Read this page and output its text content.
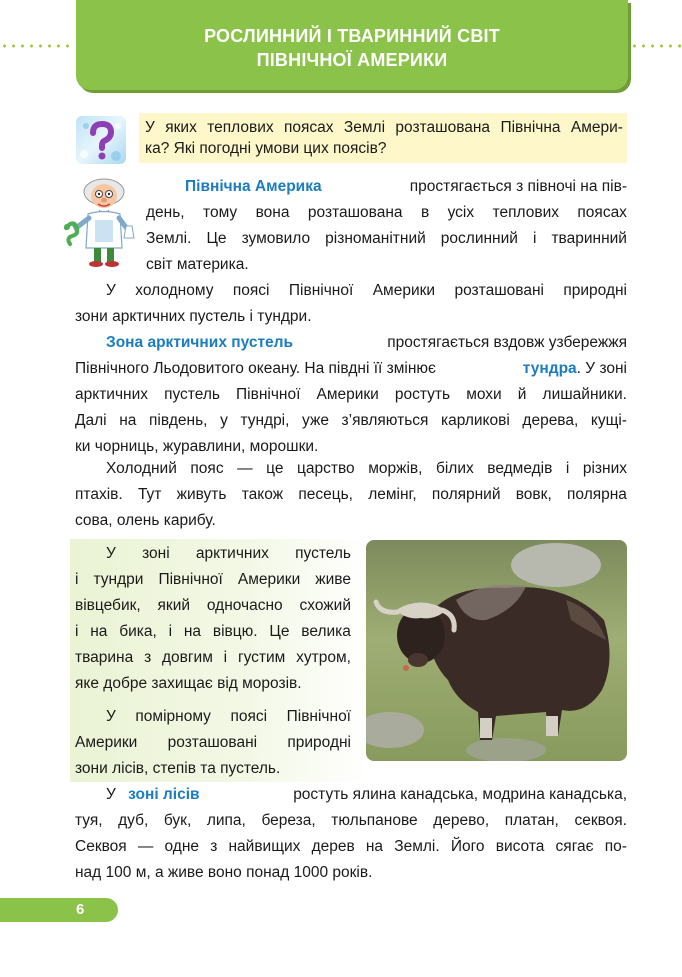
РОСЛИННИЙ І ТВАРИННИЙ СВІТ
ПІВНІЧНОЇ АМЕРИКИ
У яких теплових поясах Землі розташована Північна Амери-
ка? Які погодні умови цих поясів?
Північна Америка	простягається з півночі на пів-
день, тому вона розташована в усіх теплових поясах
Землі. Це зумовило різноманітний рослинний і тваринний
світ материка.
У холодному поясі Північної Америки розташовані природні
зони арктичних пустель і тундри.
Зона арктичних пустель	простягається вздовж узбережжя
Північного Льодовитого океану. На півдні її змінює	тундра. У зоні
арктичних пустель Північної Америки ростуть мохи й лишайники.
Далі на південь, у тундрі, уже з’являються карликові дерева, кущі-
ки чорниць, журавлини, морошки.
Холодний пояс — це царство моржів, білих ведмедів і різних
птахів. Тут живуть також песець, лемінг, полярний вовк, полярна
сова, олень карибу.
У зоні арктичних пустель
і тундри Північної Америки живе
вівцебик, який одночасно схожий
і на бика, і на вівцю. Це велика
тварина з довгим і густим хутром,
яке добре захищає від морозів.
У помірному поясі Північної
Америки розташовані природні
зони лісів, степів та пустель.
У зоні лісів	ростуть ялина канадська, модрина канадська,
туя, дуб, бук, липа, береза, тюльпанове дерево, платан, секвоя.
Секвоя — одне з найвищих дерев на Землі. Його висота сягає по-
над 100 м, а живе воно понад 1000 років.
6
